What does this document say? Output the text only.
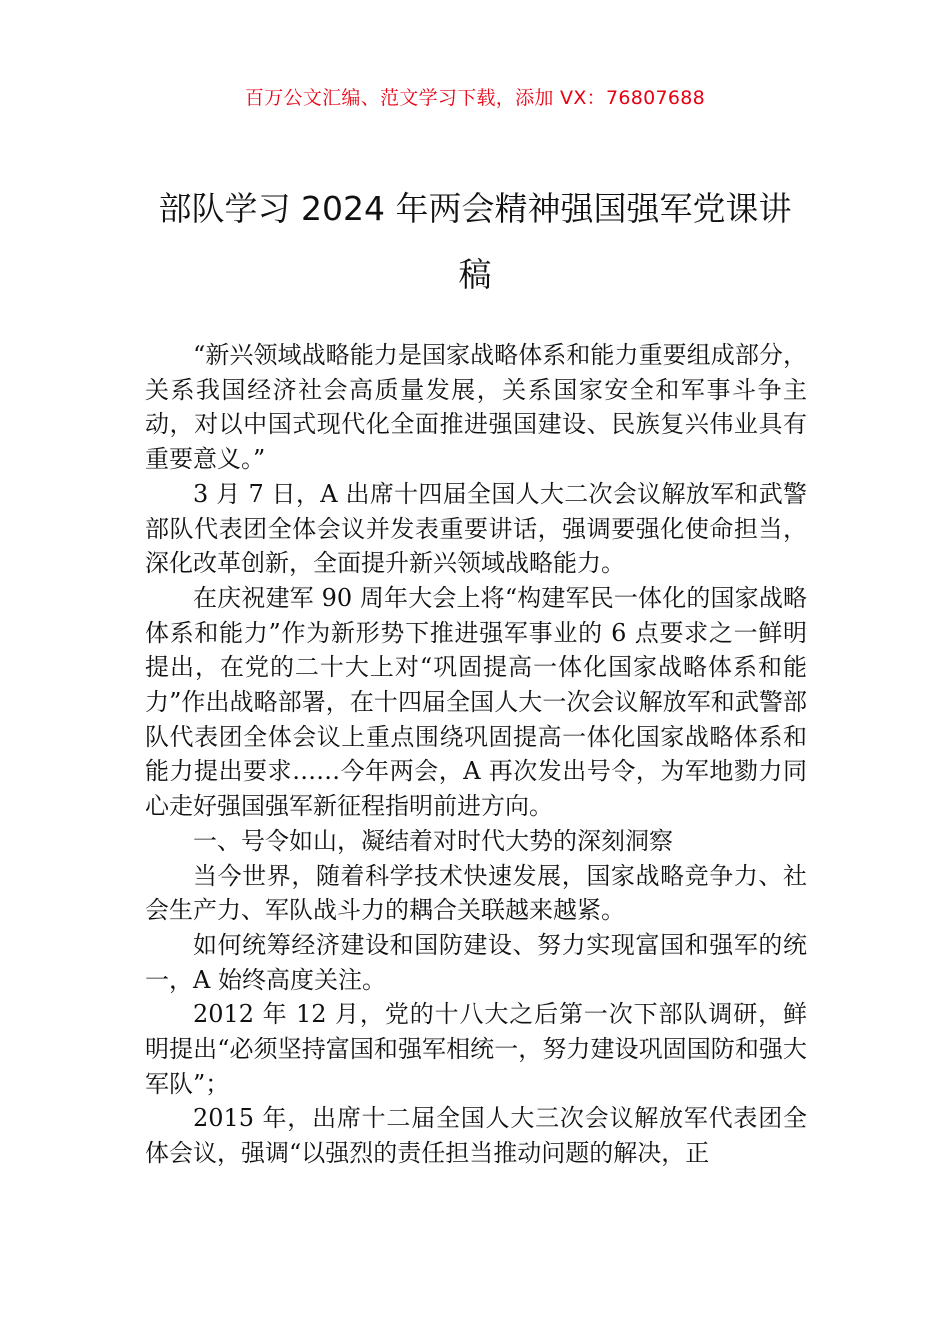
百万公文汇编、范文学习下载，添加 VX：76807688
部队学习 2024 年两会精神强国强军党课讲稿

“新兴领域战略能力是国家战略体系和能力重要组成部分，关系我国经济社会高质量发展，关系国家安全和军事斗争主动，对以中国式现代化全面推进强国建设、民族复兴伟业具有重要意义。”

3 月 7 日，A 出席十四届全国人大二次会议解放军和武警部队代表团全体会议并发表重要讲话，强调要强化使命担当，深化改革创新，全面提升新兴领域战略能力。

在庆祝建军 90 周年大会上将“构建军民一体化的国家战略体系和能力”作为新形势下推进强军事业的 6 点要求之一鲜明提出，在党的二十大上对“巩固提高一体化国家战略体系和能力”作出战略部署，在十四届全国人大一次会议解放军和武警部队代表团全体会议上重点围绕巩固提高一体化国家战略体系和能力提出要求……今年两会，A 再次发出号令，为军地勠力同心走好强国强军新征程指明前进方向。

一、号令如山，凝结着对时代大势的深刻洞察

当今世界，随着科学技术快速发展，国家战略竞争力、社会生产力、军队战斗力的耦合关联越来越紧。

如何统筹经济建设和国防建设、努力实现富国和强军的统一，A 始终高度关注。

2012 年 12 月，党的十八大之后第一次下部队调研，鲜明提出“必须坚持富国和强军相统一，努力建设巩固国防和强大军队”；

2015 年，出席十二届全国人大三次会议解放军代表团全体会议，强调“以强烈的责任担当推动问题的解决，正
